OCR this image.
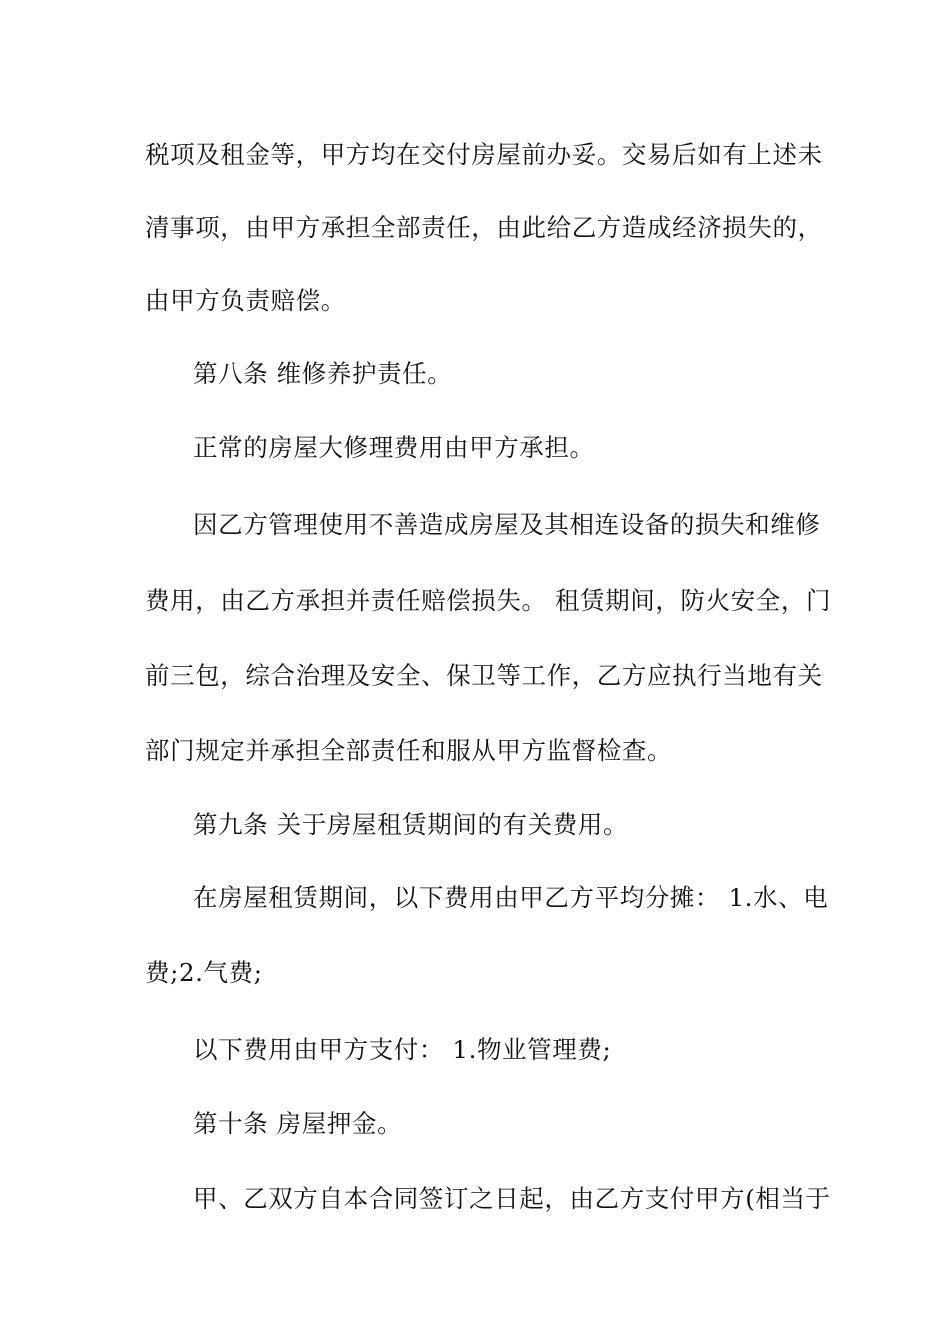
税项及租金等，甲方均在交付房屋前办妥。交易后如有上述未
清事项，由甲方承担全部责任，由此给乙方造成经济损失的，
由甲方负责赔偿。
第八条 维修养护责任。
正常的房屋大修理费用由甲方承担。
因乙方管理使用不善造成房屋及其相连设备的损失和维修
费用，由乙方承担并责任赔偿损失。 租赁期间，防火安全，门
前三包，综合治理及安全、保卫等工作，乙方应执行当地有关
部门规定并承担全部责任和服从甲方监督检查。
第九条 关于房屋租赁期间的有关费用。
在房屋租赁期间，以下费用由甲乙方平均分摊： 1.水、电
费;2.气费;
以下费用由甲方支付： 1.物业管理费;
第十条 房屋押金。
甲、乙双方自本合同签订之日起，由乙方支付甲方(相当于
